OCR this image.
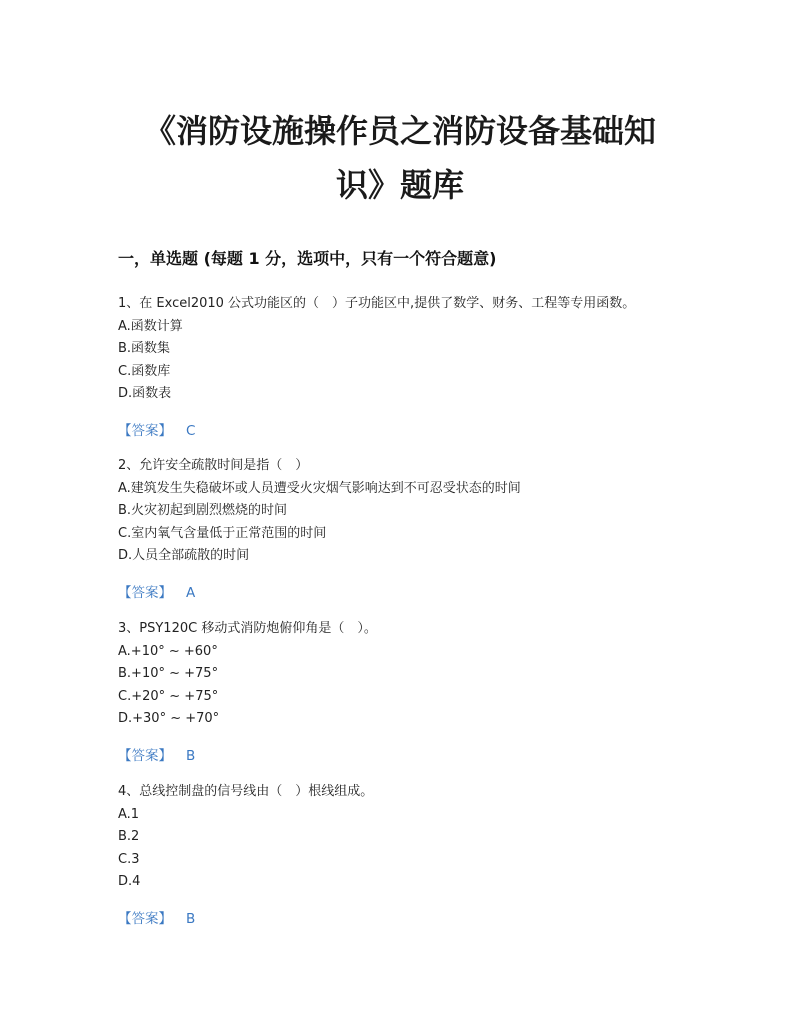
《消防设施操作员之消防设备基础知
识》题库
一，单选题 (每题 1 分，选项中，只有一个符合题意)
1、在 Excel2010 公式功能区的（　）子功能区中,提供了数学、财务、工程等专用函数。
A.函数计算
B.函数集
C.函数库
D.函数表
【答案】 C
2、允许安全疏散时间是指（　）
A.建筑发生失稳破坏或人员遭受火灾烟气影响达到不可忍受状态的时间
B.火灾初起到剧烈燃烧的时间
C.室内氧气含量低于正常范围的时间
D.人员全部疏散的时间
【答案】 A
3、PSY120C 移动式消防炮俯仰角是（　）。
A.+10° ~ +60°
B.+10° ~ +75°
C.+20° ~ +75°
D.+30° ~ +70°
【答案】 B
4、总线控制盘的信号线由（　）根线组成。
A.1
B.2
C.3
D.4
【答案】 B
